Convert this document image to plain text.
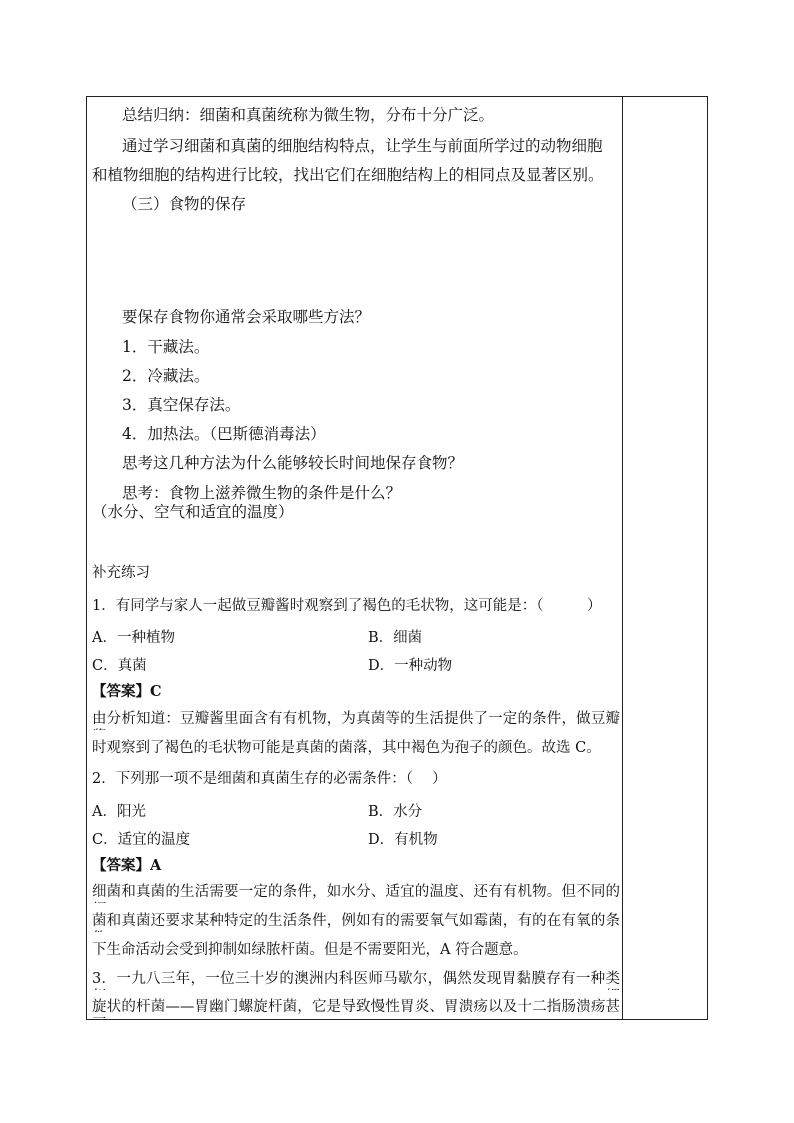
总结归纳：细菌和真菌统称为微生物，分布十分广泛。
通过学习细菌和真菌的细胞结构特点，让学生与前面所学过的动物细胞
和植物细胞的结构进行比较，找出它们在细胞结构上的相同点及显著区别。
（三）食物的保存
要保存食物你通常会采取哪些方法？
1．干藏法。
2．冷藏法。
3．真空保存法。
4．加热法。（巴斯德消毒法）
思考这几种方法为什么能够较长时间地保存食物？
思考：食物上滋养微生物的条件是什么？
（水分、空气和适宜的温度）
补充练习
1．有同学与家人一起做豆瓣酱时观察到了褐色的毛状物，这可能是：（　　　）
A．一种植物	B．细菌
C．真菌	D．一种动物
【答案】C
由分析知道：豆瓣酱里面含有有机物，为真菌等的生活提供了一定的条件，做豆瓣
时观察到了褐色的毛状物可能是真菌的菌落，其中褐色为孢子的颜色。故选 C。
2．下列那一项不是细菌和真菌生存的必需条件：（　 ）
A．阳光	B．水分
C．适宜的温度	D．有机物
【答案】A
细菌和真菌的生活需要一定的条件，如水分、适宜的温度、还有有机物。但不同的
菌和真菌还要求某种特定的生活条件，例如有的需要氧气如霉菌，有的在有氧的条
下生命活动会受到抑制如绿脓杆菌。但是不需要阳光，A 符合题意。
3．一九八三年，一位三十岁的澳洲内科医师马歇尔，偶然发现胃黏膜存有一种类
旋状的杆菌——胃幽门螺旋杆菌，它是导致慢性胃炎、胃溃疡以及十二指肠溃疡甚
